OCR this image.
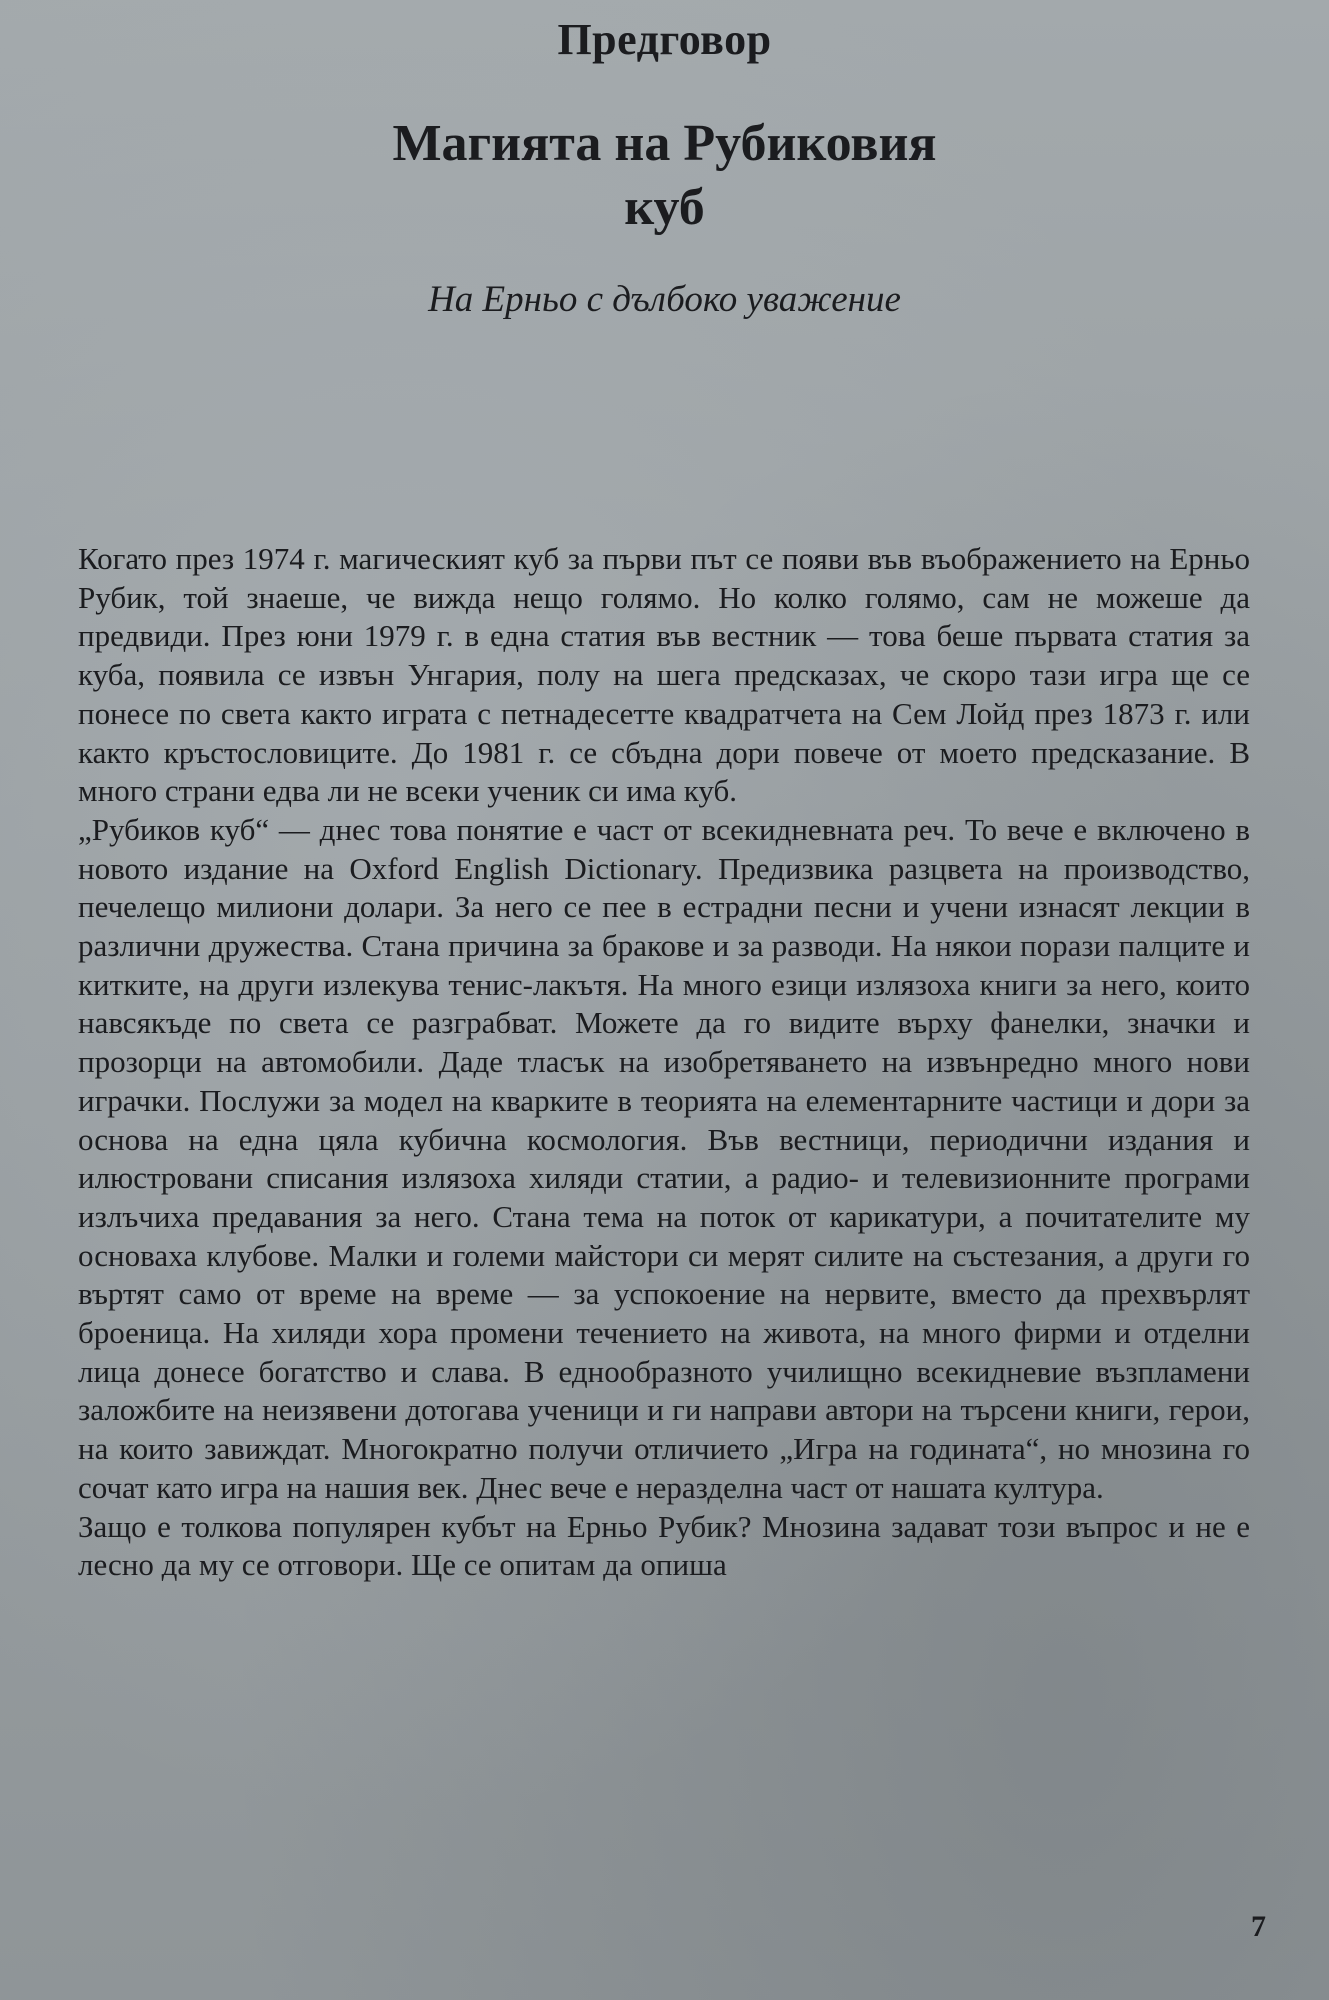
Предговор
Магията на Рубиковия
куб

На Ерньо с дълбоко уважение

Когато през 1974 г. магическият куб за първи път се появи във въображението на Ерньо Рубик, той знаеше, че вижда нещо голямо. Но колко голямо, сам не можеше да предвиди. През юни 1979 г. в една статия във вестник — това беше първата статия за куба, появила се извън Унгария, полу на шега предсказах, че скоро тази игра ще се понесе по света както играта с петнадесетте квадратчета на Сем Лойд през 1873 г. или както кръстословиците. До 1981 г. се сбъдна дори повече от моето предсказание. В много страни едва ли не всеки ученик си има куб.

„Рубиков куб“ — днес това понятие е част от всекидневната реч. То вече е включено в новото издание на Oxford English Dictionary. Предизвика разцвета на производство, печелещо милиони долари. За него се пее в естрадни песни и учени изнасят лекции в различни дружества. Стана причина за бракове и за разводи. На някои порази палците и китките, на други излекува тенис-лакътя. На много езици излязоха книги за него, които навсякъде по света се разграбват. Можете да го видите върху фанелки, значки и прозорци на автомобили. Даде тласък на изобретяването на извънредно много нови играчки. Послужи за модел на кварките в теорията на елементарните частици и дори за основа на една цяла кубична космология. Във вестници, периодични издания и илюстровани списания излязоха хиляди статии, а радио- и телевизионните програми излъчиха предавания за него. Стана тема на поток от карикатури, а почитателите му основаха клубове. Малки и големи майстори си мерят силите на състезания, а други го въртят само от време на време — за успокоение на нервите, вместо да прехвърлят броеница. На хиляди хора промени течението на живота, на много фирми и отделни лица донесе богатство и слава. В еднообразното училищно всекидневие възпламени заложбите на неизявени дотогава ученици и ги направи автори на търсени книги, герои, на които завиждат. Многократно получи отличието „Игра на годината“, но мнозина го сочат като игра на нашия век. Днес вече е неразделна част от нашата култура.

Защо е толкова популярен кубът на Ерньо Рубик? Мнозина задават този въпрос и не е лесно да му се отговори. Ще се опитам да опиша

7
